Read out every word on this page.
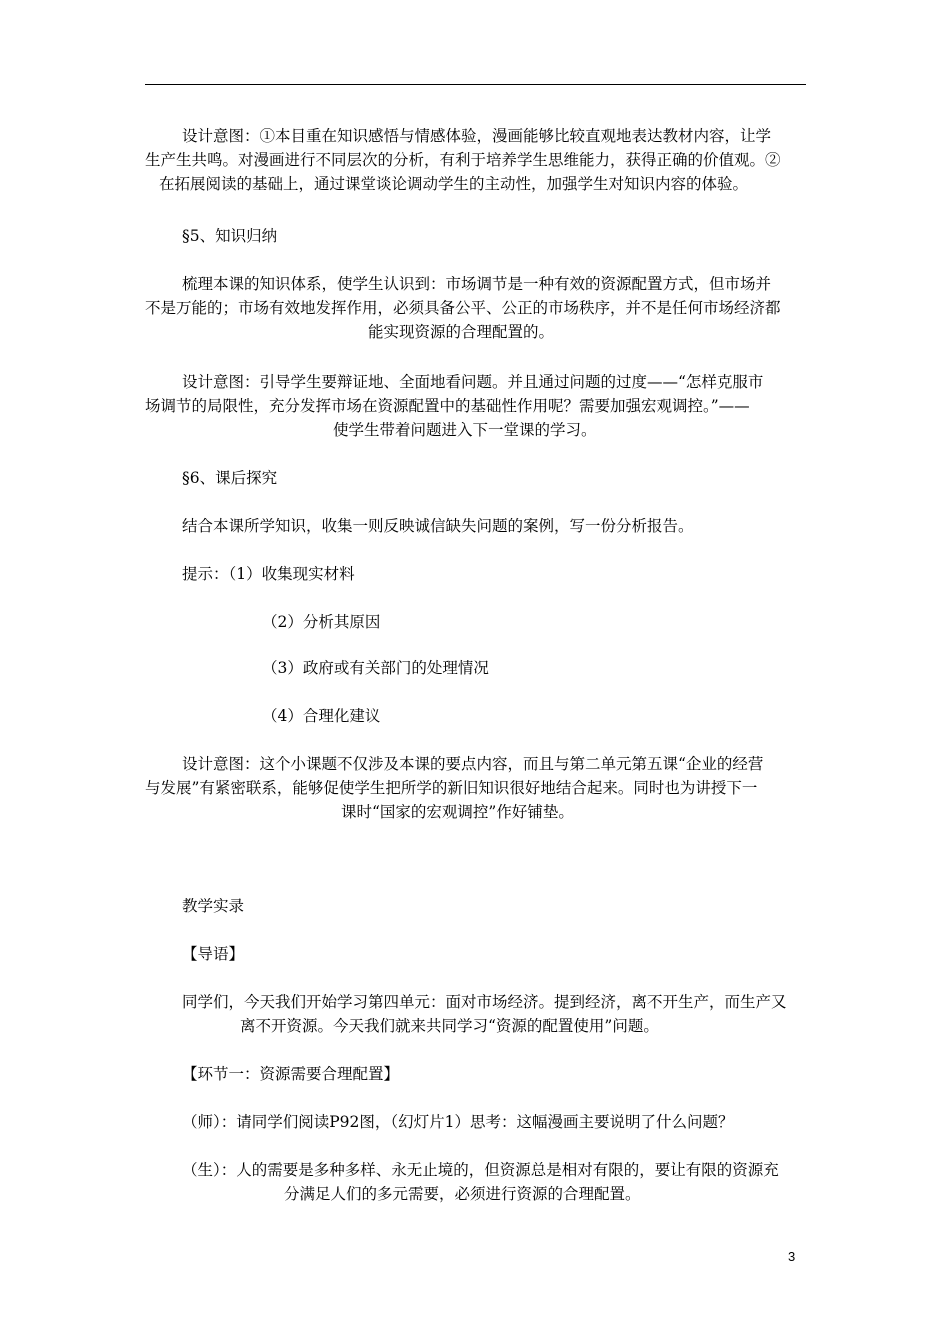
设计意图：①本目重在知识感悟与情感体验，漫画能够比较直观地表达教材内容，让学

生产生共鸣。对漫画进行不同层次的分析，有利于培养学生思维能力，获得正确的价值观。②

在拓展阅读的基础上，通过课堂谈论调动学生的主动性，加强学生对知识内容的体验。

§5、知识归纳

梳理本课的知识体系，使学生认识到：市场调节是一种有效的资源配置方式，但市场并

不是万能的；市场有效地发挥作用，必须具备公平、公正的市场秩序，并不是任何市场经济都

能实现资源的合理配置的。

设计意图：引导学生要辩证地、全面地看问题。并且通过问题的过度——“怎样克服市

场调节的局限性，充分发挥市场在资源配置中的基础性作用呢？需要加强宏观调控。”——

使学生带着问题进入下一堂课的学习。

§6、课后探究

结合本课所学知识，收集一则反映诚信缺失问题的案例，写一份分析报告。

提示：（1）收集现实材料

（2）分析其原因

（3）政府或有关部门的处理情况

（4）合理化建议

设计意图：这个小课题不仅涉及本课的要点内容，而且与第二单元第五课“企业的经营

与发展”有紧密联系，能够促使学生把所学的新旧知识很好地结合起来。同时也为讲授下一

课时“国家的宏观调控”作好铺垫。

教学实录

【导语】

同学们，今天我们开始学习第四单元：面对市场经济。提到经济，离不开生产，而生产又

离不开资源。今天我们就来共同学习“资源的配置使用”问题。

【环节一：资源需要合理配置】

（师）：请同学们阅读P92图，（幻灯片1）思考：这幅漫画主要说明了什么问题？

（生）：人的需要是多种多样、永无止境的，但资源总是相对有限的，要让有限的资源充

分满足人们的多元需要，必须进行资源的合理配置。

3
